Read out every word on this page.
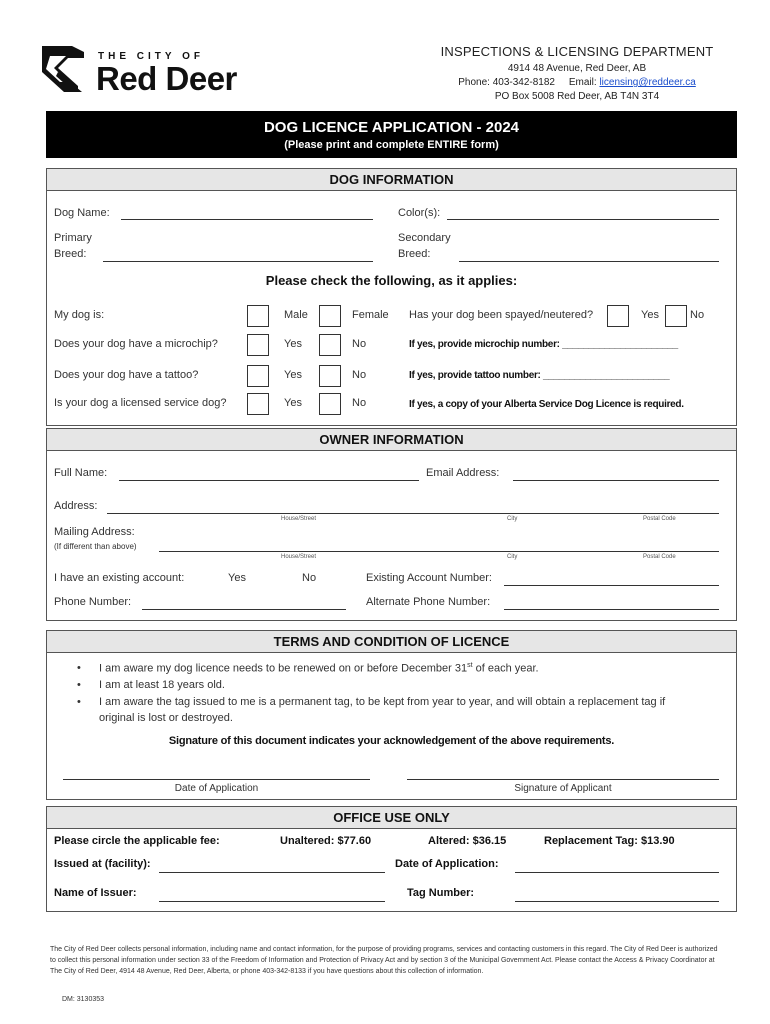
THE CITY OF
Red Deer
INSPECTIONS & LICENSING DEPARTMENT
4914 48 Avenue, Red Deer, AB
Phone: 403-342-8182 Email: licensing@reddeer.ca
PO Box 5008 Red Deer, AB T4N 3T4
DOG LICENCE APPLICATION - 2024
(Please print and complete ENTIRE form)
DOG INFORMATION
Dog Name:	Color(s):
Primary
Breed:
Secondary
Breed:
Please check the following, as it applies:
My dog is:	Male	Female Has your dog been spayed/neutered?	Yes	No
Does your dog have a microchip?	Yes	No	If yes, provide microchip number: ______________________
Does your dog have a tattoo?	Yes	No	If yes, provide tattoo number: ________________________
Is your dog a licensed service dog?	Yes	No	If yes, a copy of your Alberta Service Dog Licence is required.
OWNER INFORMATION
Full Name:	Email Address:
Address:
House/Street	City	Postal Code
Mailing Address:
(If different than above)
House/Street	City	Postal Code
I have an existing account:	Yes	No	Existing Account Number:
Phone Number:	Alternate Phone Number:
TERMS AND CONDITION OF LICENCE
• I am aware my dog licence needs to be renewed on or before December 31st of each year.
• I am at least 18 years old.
• I am aware the tag issued to me is a permanent tag, to be kept from year to year, and will obtain a replacement tag if
original is lost or destroyed.
Signature of this document indicates your acknowledgement of the above requirements.
Date of Application	Signature of Applicant
OFFICE USE ONLY
Please circle the applicable fee:	Unaltered: $77.60	Altered: $36.15	Replacement Tag: $13.90
Issued at (facility):	Date of Application:
Name of Issuer:	Tag Number:
The City of Red Deer collects personal information, including name and contact information, for the purpose of providing programs, services and contacting customers in this regard. The City of Red Deer is authorized to collect this personal information under section 33 of the Freedom of Information and Protection of Privacy Act and by section 3 of the Municipal Government Act. Please contact the Access & Privacy Coordinator at The City of Red Deer, 4914 48 Avenue, Red Deer, Alberta, or phone 403-342-8133 if you have questions about this collection of information.
DM: 3130353
